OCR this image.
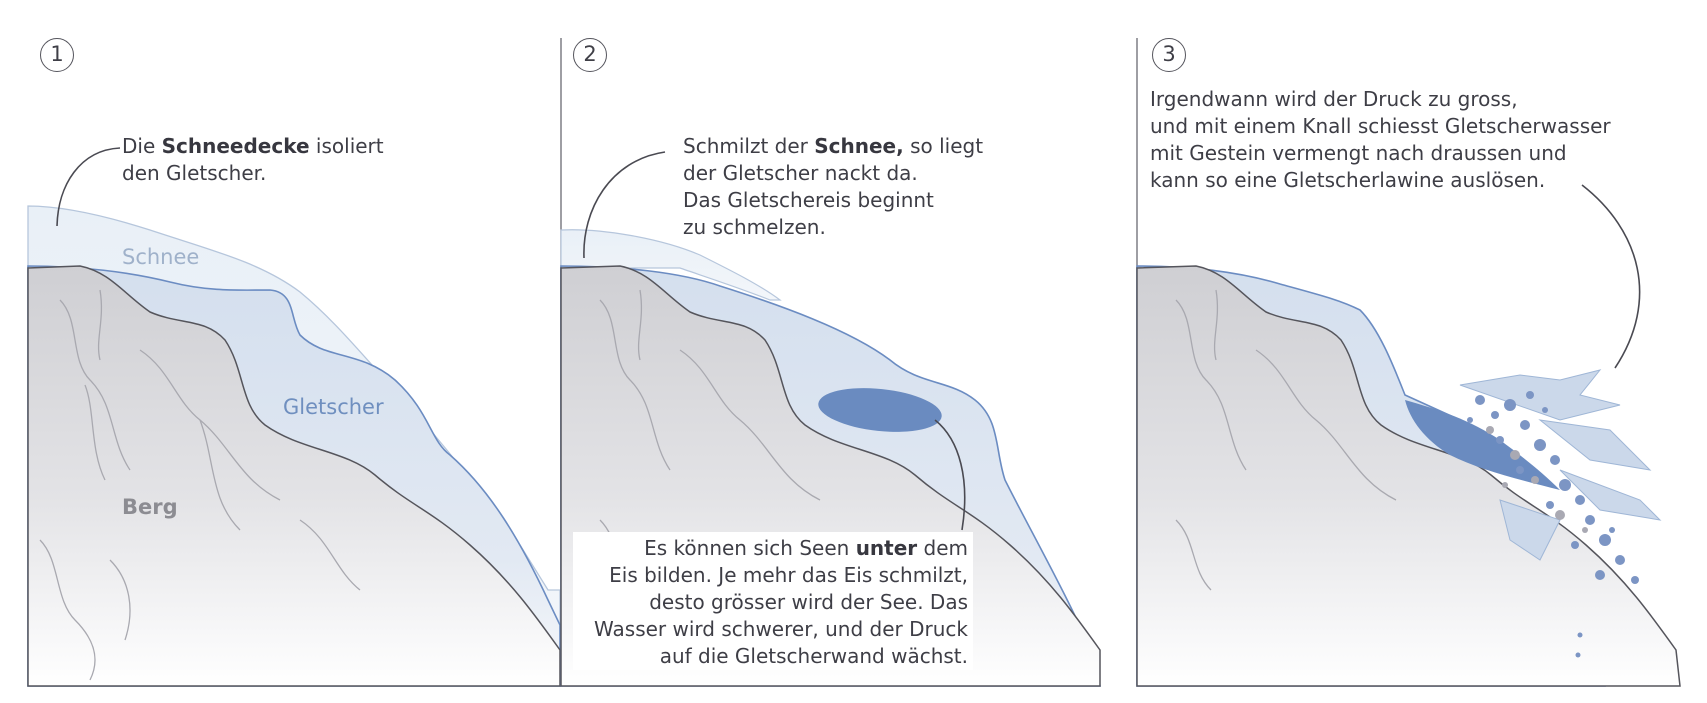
1	2	3
Die Schneedecke isoliert
den Gletscher.
Schnee
Gletscher
Berg
Schmilzt der Schnee, so liegt
der Gletscher nackt da.
Das Gletschereis beginnt
zu schmelzen.
Es können sich Seen unter dem
Eis bilden. Je mehr das Eis schmilzt,
desto grösser wird der See. Das
Wasser wird schwerer, und der Druck
auf die Gletscherwand wächst.
Irgendwann wird der Druck zu gross,
und mit einem Knall schiesst Gletscherwasser
mit Gestein vermengt nach draussen und
kann so eine Gletscherlawine auslösen.
